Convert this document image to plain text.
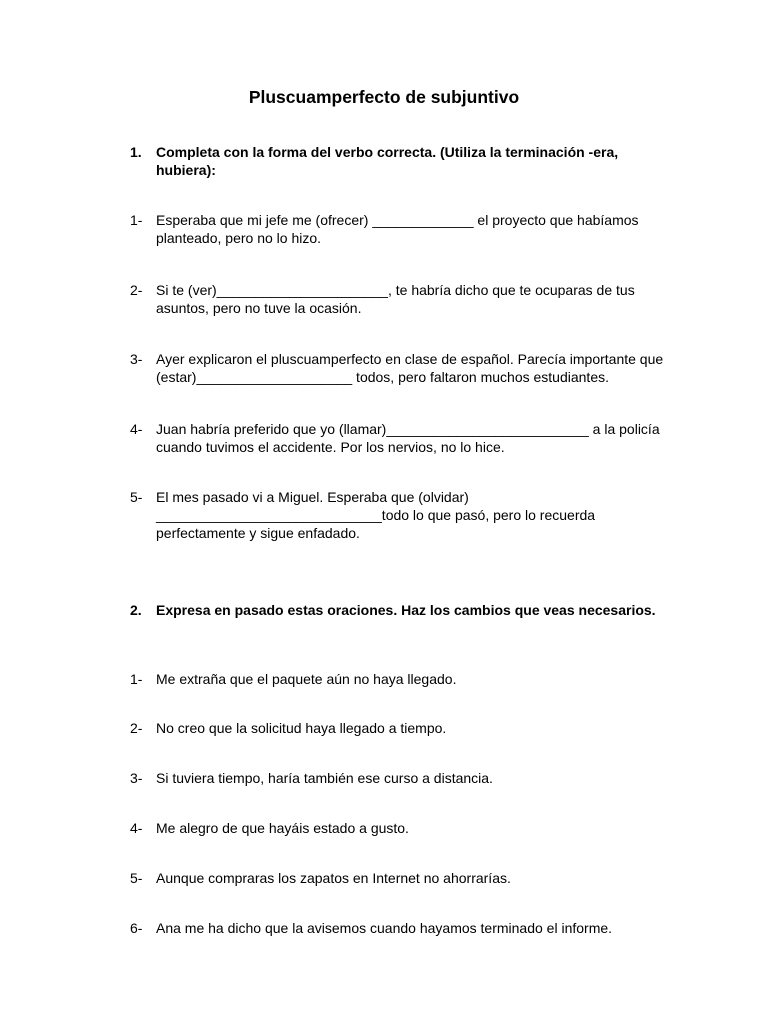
Pluscuamperfecto de subjuntivo
1. Completa con la forma del verbo correcta. (Utiliza la terminación -era, hubiera):
1- Esperaba que mi jefe me (ofrecer) _____________ el proyecto que habíamos planteado, pero no lo hizo.
2- Si te (ver)______________________, te habría dicho que te ocuparas de tus asuntos, pero no tuve la ocasión.
3- Ayer explicaron el pluscuamperfecto en clase de español. Parecía importante que (estar)____________________ todos, pero faltaron muchos estudiantes.
4- Juan habría preferido que yo (llamar)__________________________ a la policía cuando tuvimos el accidente. Por los nervios, no lo hice.
5- El mes pasado vi a Miguel. Esperaba que (olvidar) _____________________________todo lo que pasó, pero lo recuerda perfectamente y sigue enfadado.
2. Expresa en pasado estas oraciones. Haz los cambios que veas necesarios.
1- Me extraña que el paquete aún no haya llegado.
2- No creo que la solicitud haya llegado a tiempo.
3- Si tuviera tiempo, haría también ese curso a distancia.
4- Me alegro de que hayáis estado a gusto.
5- Aunque compraras los zapatos en Internet no ahorrarías.
6- Ana me ha dicho que la avisemos cuando hayamos terminado el informe.
